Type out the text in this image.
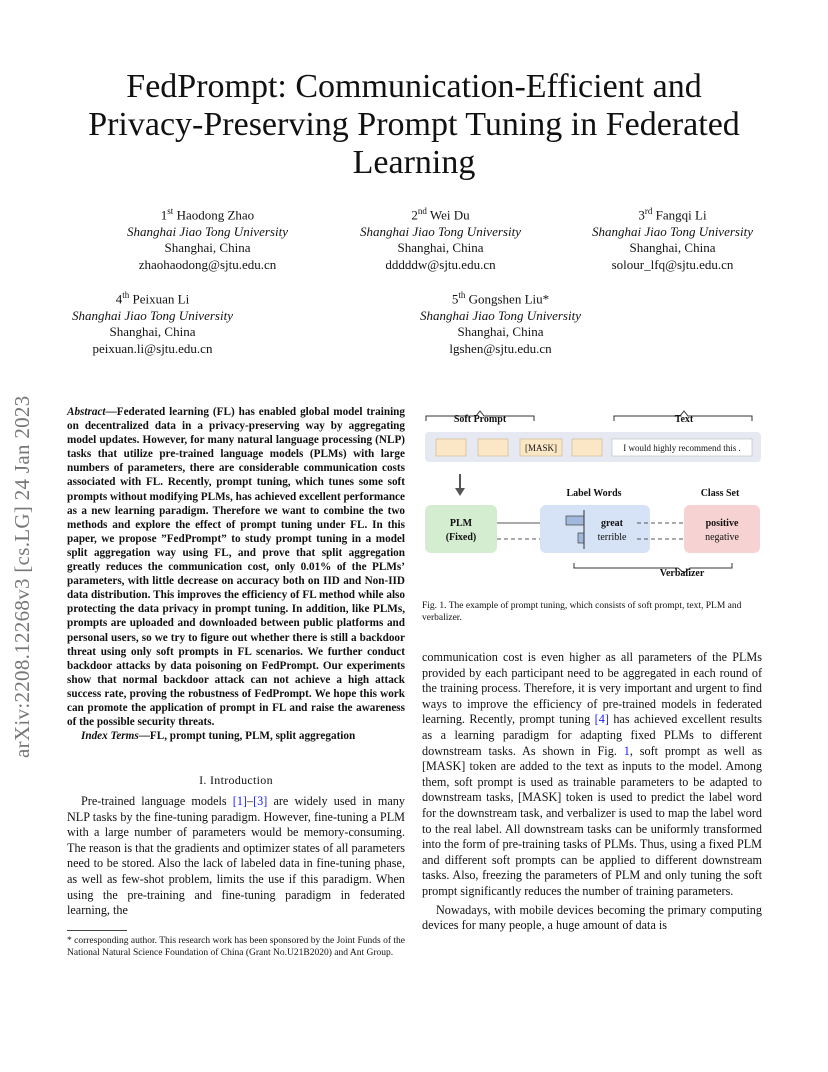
FedPrompt: Communication-Efficient and
Privacy-Preserving Prompt Tuning in Federated
Learning
1st Haodong Zhao
Shanghai Jiao Tong University
Shanghai, China
zhaohaodong@sjtu.edu.cn
2nd Wei Du
Shanghai Jiao Tong University
Shanghai, China
dddddw@sjtu.edu.cn
3rd Fangqi Li
Shanghai Jiao Tong University
Shanghai, China
solour_lfq@sjtu.edu.cn
4th Peixuan Li
Shanghai Jiao Tong University
Shanghai, China
peixuan.li@sjtu.edu.cn
5th Gongshen Liu*
Shanghai Jiao Tong University
Shanghai, China
lgshen@sjtu.edu.cn
arXiv:2208.12268v3 [cs.LG] 24 Jan 2023	Abstract—Federated learning (FL) has enabled global model training on decentralized data in a privacy-preserving way by aggregating model updates. However, for many natural language processing (NLP) tasks that utilize pre-trained language models (PLMs) with large numbers of parameters, there are considerable communication costs associated with FL. Recently, prompt tuning, which tunes some soft prompts without modifying PLMs, has achieved excellent performance as a new learning paradigm. Therefore we want to combine the two methods and explore the effect of prompt tuning under FL. In this paper, we propose ”FedPrompt” to study prompt tuning in a model split aggregation way using FL, and prove that split aggregation greatly reduces the communication cost, only 0.01% of the PLMs’ parameters, with little decrease on accuracy both on IID and Non-IID data distribution. This improves the efficiency of FL method while also protecting the data privacy in prompt tuning. In addition, like PLMs, prompts are uploaded and downloaded between public platforms and personal users, so we try to figure out whether there is still a backdoor threat using only soft prompts in FL scenarios. We further conduct backdoor attacks by data poisoning on FedPrompt. Our experiments show that normal backdoor attack can not achieve a high attack success rate, proving the robustness of FedPrompt. We hope this work can promote the application of prompt in FL and raise the awareness of the possible security threats.
Index Terms—FL, prompt tuning, PLM, split aggregation
I. Introduction

Pre-trained language models [1]–[3] are widely used in many NLP tasks by the fine-tuning paradigm. However, fine-tuning a PLM with a large number of parameters would be memory-consuming. The reason is that the gradients and optimizer states of all parameters need to be stored. Also the lack of labeled data in fine-tuning phase, as well as few-shot problem, limits the use if this paradigm. When using the pre-training and fine-tuning paradigm in federated learning, the

* corresponding author. This research work has been sponsored by the Joint Funds of the National Natural Science Foundation of China (Grant No.U21B2020) and Ant Group.
Soft Prompt	Text
[MASK]	I would highly recommend this .
Label Words	Class Set
PLM
(Fixed)
great
terrible
positive
negative
Verbalizer
Fig. 1. The example of prompt tuning, which consists of soft prompt, text, PLM and verbalizer.

communication cost is even higher as all parameters of the PLMs provided by each participant need to be aggregated in each round of the training process. Therefore, it is very important and urgent to find ways to improve the efficiency of pre-trained models in federated learning. Recently, prompt tuning [4] has achieved excellent results as a learning paradigm for adapting fixed PLMs to different downstream tasks. As shown in Fig. 1, soft prompt as well as [MASK] token are added to the text as inputs to the model. Among them, soft prompt is used as trainable parameters to be adapted to downstream tasks, [MASK] token is used to predict the label word for the downstream task, and verbalizer is used to map the label word to the real label. All downstream tasks can be uniformly transformed into the form of pre-training tasks of PLMs. Thus, using a fixed PLM and different soft prompts can be applied to different downstream tasks. Also, freezing the parameters of PLM and only tuning the soft prompt significantly reduces the number of training parameters.

Nowadays, with mobile devices becoming the primary computing devices for many people, a huge amount of data is
